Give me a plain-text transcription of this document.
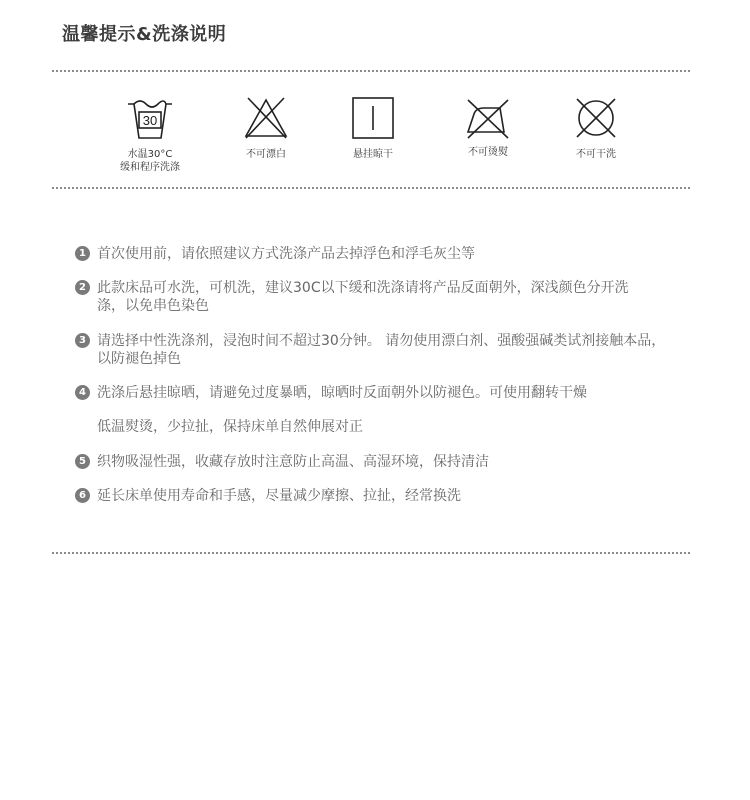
温馨提示&洗涤说明
30
水温30°C
缓和程序洗涤
不可漂白	悬挂晾干	不可烫熨	不可干洗
1 首次使用前，请依照建议方式洗涤产品去掉浮色和浮毛灰尘等
2 此款床品可水洗，可机洗，建议30C以下缓和洗涤请将产品反面朝外，深浅颜色分开洗
涤，以免串色染色
3 请选择中性洗涤剂，浸泡时间不超过30分钟。 请勿使用漂白剂、强酸强碱类试剂接触本品，
以防褪色掉色
4 洗涤后悬挂晾晒，请避免过度暴晒，晾晒时反面朝外以防褪色。可使用翻转干燥
低温熨烫，少拉扯，保持床单自然伸展对正
5 织物吸湿性强，收藏存放时注意防止高温、高湿环境，保持清洁
6 延长床单使用寿命和手感，尽量减少摩擦、拉扯，经常换洗
